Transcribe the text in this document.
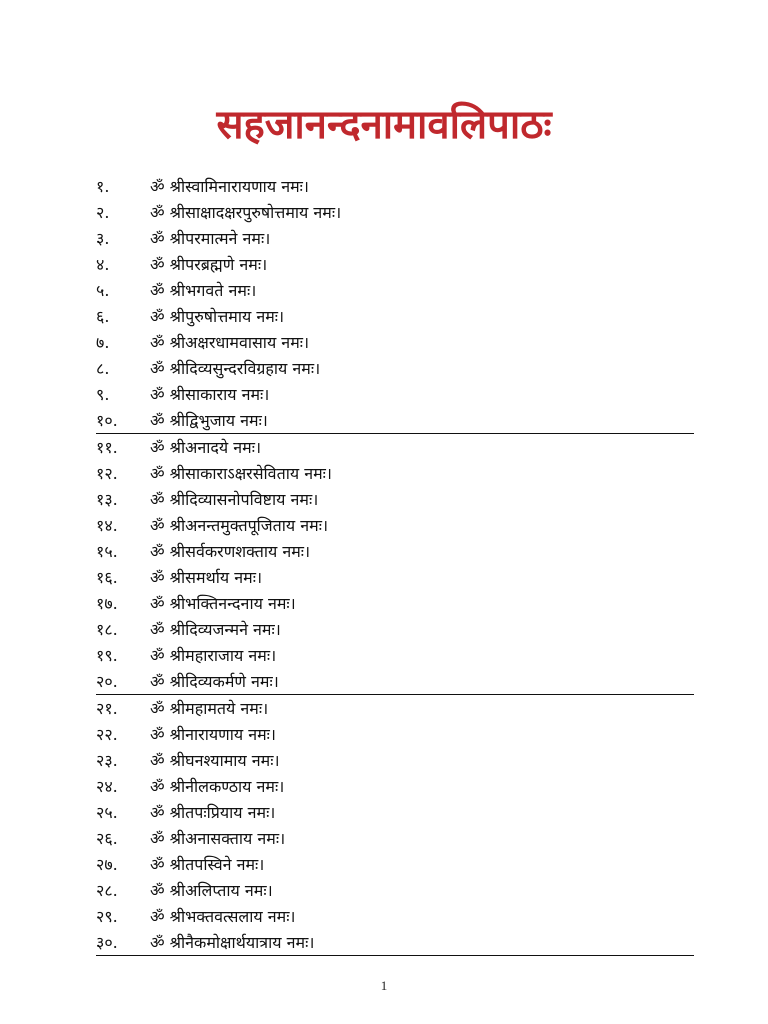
सहजानन्दनामावलिपाठः
१.	ॐ श्रीस्वामिनारायणाय नमः।
२.	ॐ श्रीसाक्षादक्षरपुरुषोत्तमाय नमः।
३.	ॐ श्रीपरमात्मने नमः।
४.	ॐ श्रीपरब्रह्मणे नमः।
५.	ॐ श्रीभगवते नमः।
६.	ॐ श्रीपुरुषोत्तमाय नमः।
७.	ॐ श्रीअक्षरधामवासाय नमः।
८.	ॐ श्रीदिव्यसुन्दरविग्रहाय नमः।
९.	ॐ श्रीसाकाराय नमः।
१०.	ॐ श्रीद्विभुजाय नमः।
११.	ॐ श्रीअनादये नमः।
१२.	ॐ श्रीसाकाराऽक्षरसेविताय नमः।
१३.	ॐ श्रीदिव्यासनोपविष्टाय नमः।
१४.	ॐ श्रीअनन्तमुक्तपूजिताय नमः।
१५.	ॐ श्रीसर्वकरणशक्ताय नमः।
१६.	ॐ श्रीसमर्थाय नमः।
१७.	ॐ श्रीभक्तिनन्दनाय नमः।
१८.	ॐ श्रीदिव्यजन्मने नमः।
१९.	ॐ श्रीमहाराजाय नमः।
२०.	ॐ श्रीदिव्यकर्मणे नमः।
२१.	ॐ श्रीमहामतये नमः।
२२.	ॐ श्रीनारायणाय नमः।
२३.	ॐ श्रीघनश्यामाय नमः।
२४.	ॐ श्रीनीलकण्ठाय नमः।
२५.	ॐ श्रीतपःप्रियाय नमः।
२६.	ॐ श्रीअनासक्ताय नमः।
२७.	ॐ श्रीतपस्विने नमः।
२८.	ॐ श्रीअलिप्ताय नमः।
२९.	ॐ श्रीभक्तवत्सलाय नमः।
३०.	ॐ श्रीनैकमोक्षार्थयात्राय नमः।
1
